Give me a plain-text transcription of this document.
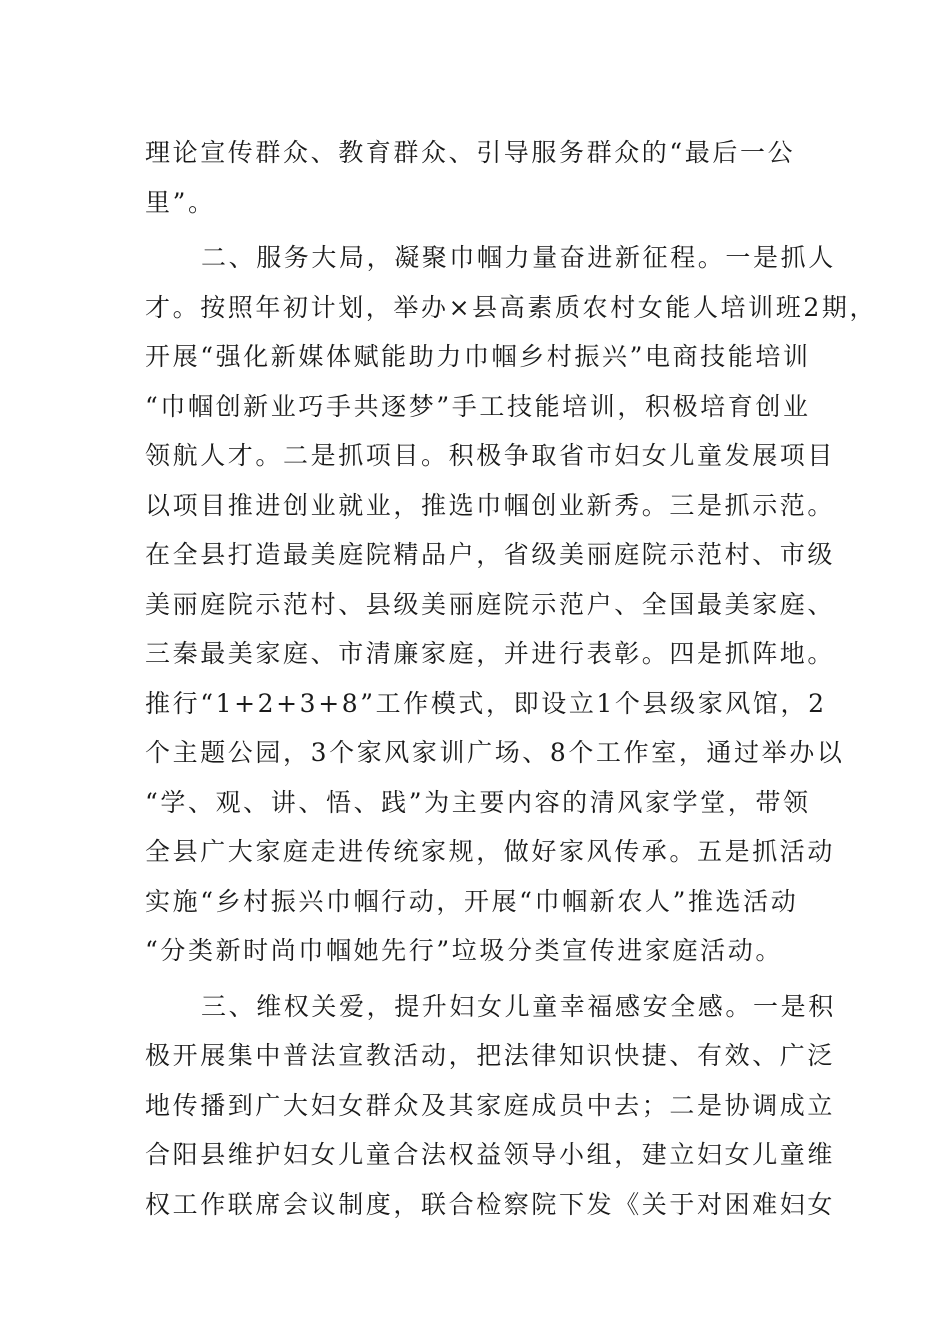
理论宣传群众、教育群众、引导服务群众的“最后一公
里”。
二、服务大局，凝聚巾帼力量奋进新征程。一是抓人
才。按照年初计划，举办×县高素质农村女能人培训班2期，
开展“强化新媒体赋能助力巾帼乡村振兴”电商技能培训
“巾帼创新业巧手共逐梦”手工技能培训，积极培育创业
领航人才。二是抓项目。积极争取省市妇女儿童发展项目
以项目推进创业就业，推选巾帼创业新秀。三是抓示范。
在全县打造最美庭院精品户，省级美丽庭院示范村、市级
美丽庭院示范村、县级美丽庭院示范户、全国最美家庭、
三秦最美家庭、市清廉家庭，并进行表彰。四是抓阵地。
推行“1+2+3+8”工作模式，即设立1个县级家风馆，2
个主题公园，3个家风家训广场、8个工作室，通过举办以
“学、观、讲、悟、践”为主要内容的清风家学堂，带领
全县广大家庭走进传统家规，做好家风传承。五是抓活动
实施“乡村振兴巾帼行动，开展“巾帼新农人”推选活动
“分类新时尚巾帼她先行”垃圾分类宣传进家庭活动。
三、维权关爱，提升妇女儿童幸福感安全感。一是积
极开展集中普法宣教活动，把法律知识快捷、有效、广泛
地传播到广大妇女群众及其家庭成员中去；二是协调成立
合阳县维护妇女儿童合法权益领导小组，建立妇女儿童维
权工作联席会议制度，联合检察院下发《关于对困难妇女
